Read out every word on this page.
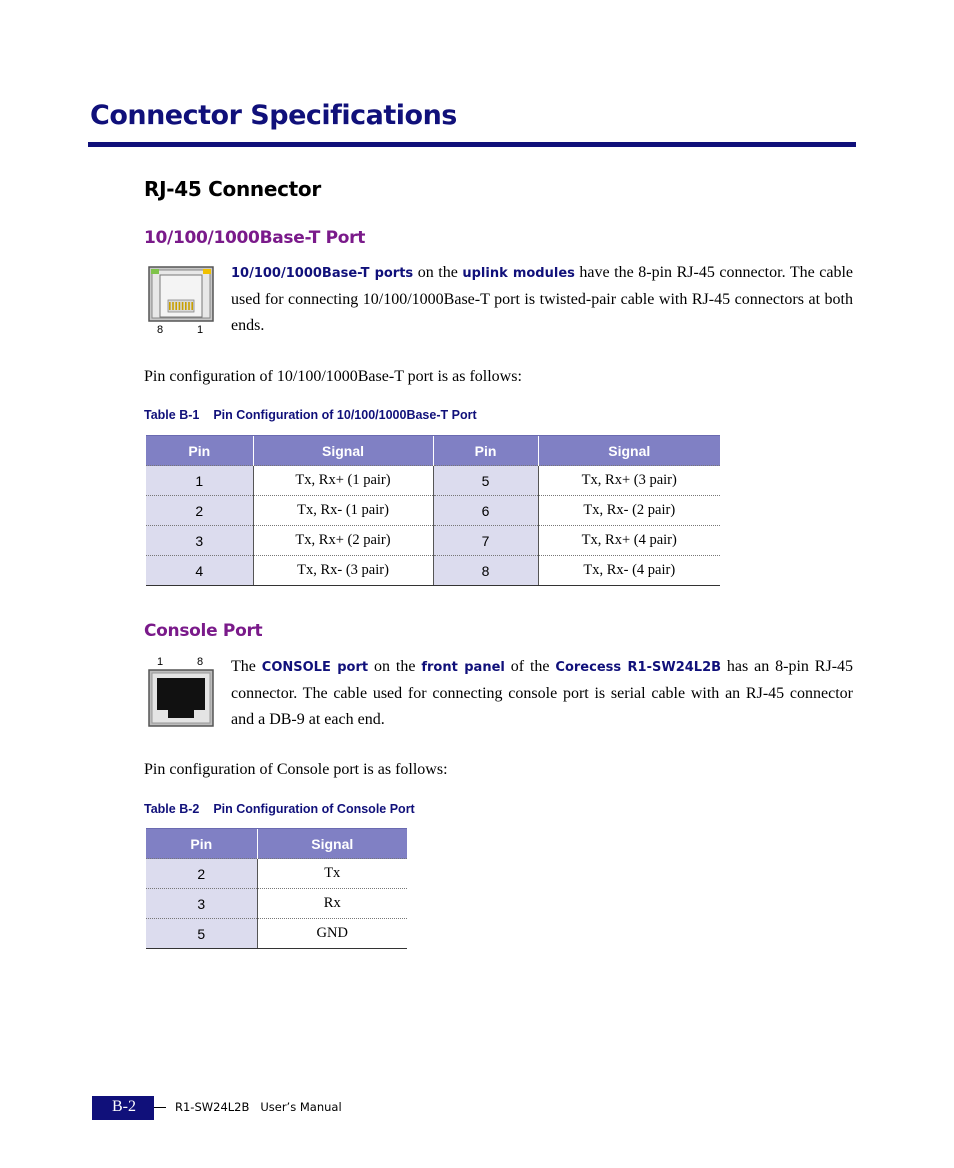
Connector Specifications
RJ-45 Connector
10/100/1000Base-T Port
8	1
10/100/1000Base-T ports on the uplink modules have the 8-pin RJ-45 connector. The cable used for connecting 10/100/1000Base-T port is twisted-pair cable with RJ-45 connectors at both ends.
Pin configuration of 10/100/1000Base-T port is as follows:
Table B-1 Pin Configuration of 10/100/1000Base-T Port
Pin	Signal	Pin	Signal
1	Tx, Rx+ (1 pair)	5	Tx, Rx+ (3 pair)
2	Tx, Rx- (1 pair)	6	Tx, Rx- (2 pair)
3	Tx, Rx+ (2 pair)	7	Tx, Rx+ (4 pair)
4	Tx, Rx- (3 pair)	8	Tx, Rx- (4 pair)
Console Port
1	8 The CONSOLE port on the front panel of the Corecess R1-SW24L2B has an 8-pin RJ-45 connector. The cable used for connecting console port is serial cable with an RJ-45 connector and a DB-9 at each end.
Pin configuration of Console port is as follows:
Table B-2 Pin Configuration of Console Port
Pin	Signal
2	Tx
3	Rx
5	GND
B-2	R1-SW24L2B   User’s Manual
